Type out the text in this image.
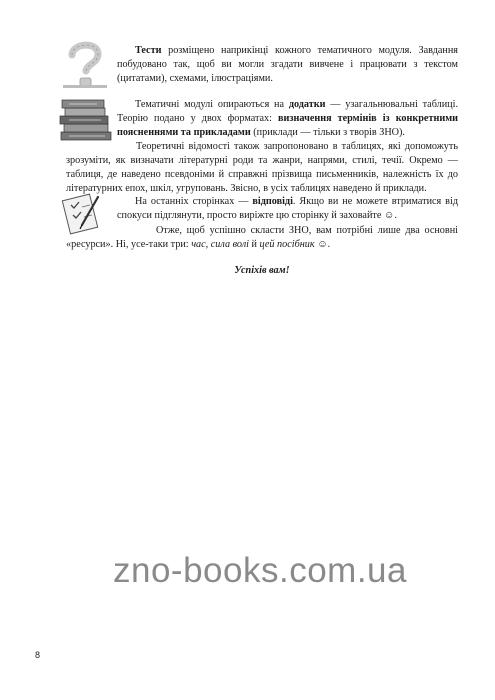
Тести розміщено наприкінці кожного тематичного модуля. Завдання побудовано так, щоб ви могли згадати вивчене і працювати з текстом (цитатами), схемами, ілюстраціями.

Тематичні модулі опираються на додатки — узагальнювальні таблиці. Теорію подано у двох форматах: визначення термінів із конкретними поясненнями та прикладами (приклади — тільки з творів ЗНО).

Теоретичні відомості також запропоновано в таблицях, які допоможуть зрозуміти, як визначати літературні роди та жанри, напрями, стилі, течії. Окремо — таблиця, де наведено псевдоніми й справжні прізвища письменників, належність їх до літературних епох, шкіл, угруповань. Звісно, в усіх таблицях наведено й приклади.

На останніх сторінках — відповіді. Якщо ви не можете втриматися від спокуси підглянути, просто виріжте цю сторінку й заховайте ☺.

Отже, щоб успішно скласти ЗНО, вам потрібні лише два основні «ресурси». Ні, усе-таки три: час, сила волі й цей посібник ☺.

Успіхів вам!
zno-books.com.ua
8
